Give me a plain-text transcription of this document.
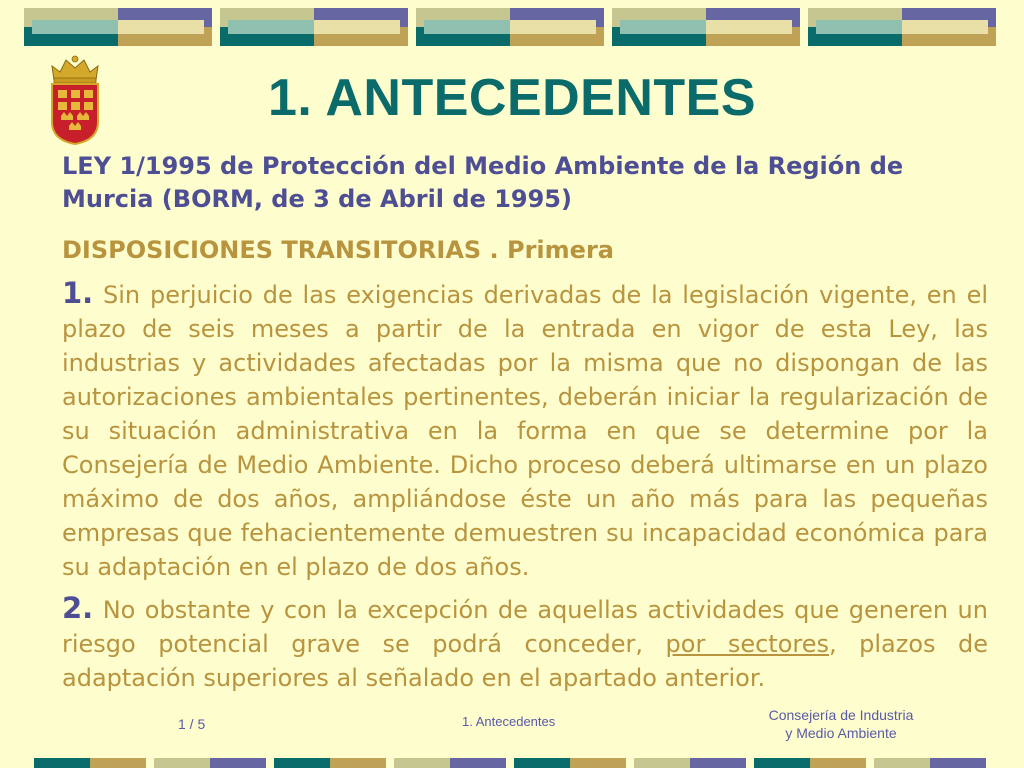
1. ANTECEDENTES
LEY 1/1995 de Protección del Medio Ambiente de la Región de Murcia (BORM, de 3 de Abril de 1995)
DISPOSICIONES TRANSITORIAS . Primera
1. Sin perjuicio de las exigencias derivadas de la legislación vigente, en el plazo de seis meses a partir de la entrada en vigor de esta Ley, las industrias y actividades afectadas por la misma que no dispongan de las autorizaciones ambientales pertinentes, deberán iniciar la regularización de su situación administrativa en la forma en que se determine por la Consejería de Medio Ambiente. Dicho proceso deberá ultimarse en un plazo máximo de dos años, ampliándose éste un año más para las pequeñas empresas que fehacientemente demuestren su incapacidad económica para su adaptación en el plazo de dos años.
2. No obstante y con la excepción de aquellas actividades que generen un riesgo potencial grave se podrá conceder, por sectores, plazos de adaptación superiores al señalado en el apartado anterior.
1 / 5	1. Antecedentes	Consejería de Industria
y Medio Ambiente
